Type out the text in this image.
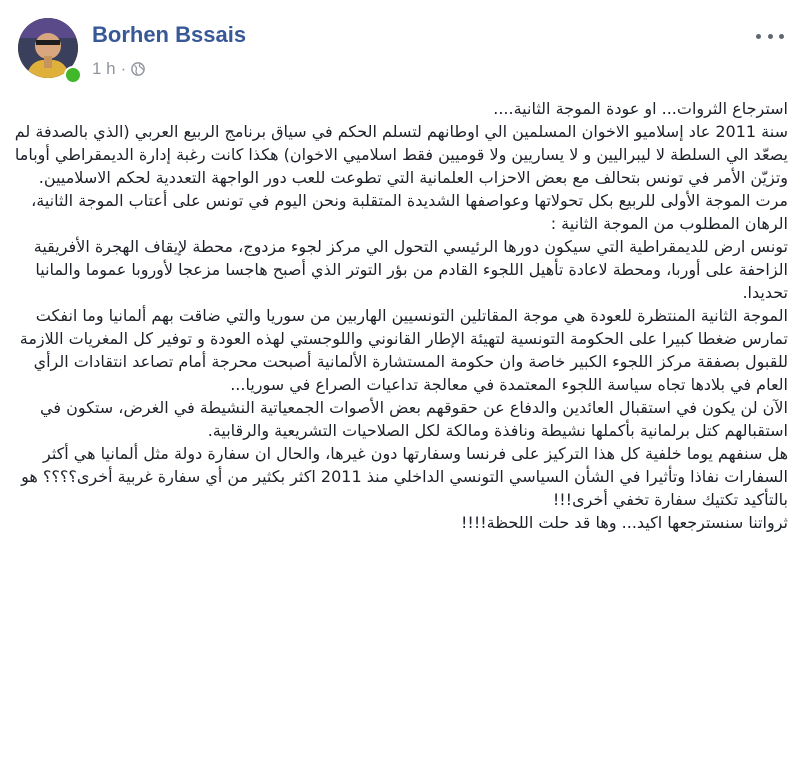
Borhen Bssais
1 h ·

استرجاع الثروات... او عودة الموجة الثانية....

سنة 2011 عاد إسلاميو الاخوان المسلمين الي اوطانهم لتسلم الحكم في سياق برنامج الربيع العربي (الذي بالصدفة لم يصعّد الي السلطة لا ليبراليين و لا يساريين ولا قوميين فقط اسلاميي الاخوان) هكذا كانت رغبة إدارة الديمقراطي أوباما وتزيّن الأمر في تونس بتحالف مع بعض الاحزاب العلمانية التي تطوعت للعب دور الواجهة التعددية لحكم الاسلاميين.

مرت الموجة الأولى للربيع بكل تحولاتها وعواصفها الشديدة المتقلبة ونحن اليوم في تونس على أعتاب الموجة الثانية،

الرهان المطلوب من الموجة الثانية :

تونس ارض للديمقراطية التي سيكون دورها الرئيسي التحول الي مركز لجوء مزدوج، محطة لإيقاف الهجرة الأفريقية الزاحفة على أوربا، ومحطة لاعادة تأهيل اللجوء القادم من بؤر التوتر الذي أصبح هاجسا مزعجا لأوروبا عموما والمانيا تحديدا.

الموجة الثانية المنتظرة للعودة هي موجة المقاتلين التونسيين الهاربين من سوريا والتي ضاقت بهم ألمانيا وما انفكت تمارس ضغطا كبيرا على الحكومة التونسية لتهيئة الإطار القانوني واللوجستي لهذه العودة و توفير كل المغريات اللازمة للقبول بصفقة مركز اللجوء الكبير خاصة وان حكومة المستشارة الألمانية أصبحت محرجة أمام تصاعد انتقادات الرأي العام في بلادها تجاه سياسة اللجوء المعتمدة في معالجة تداعيات الصراع في سوريا...

الآن لن يكون في استقبال العائدين والدفاع عن حقوقهم بعض الأصوات الجمعياتية النشيطة في الغرض، ستكون في استقبالهم كتل برلمانية بأكملها نشيطة ونافذة ومالكة لكل الصلاحيات التشريعية والرقابية.

هل سنفهم يوما خلفية كل هذا التركيز على فرنسا وسفارتها دون غيرها، والحال ان سفارة دولة مثل ألمانيا هي أكثر السفارات نفاذا وتأثيرا في الشأن السياسي التونسي الداخلي منذ 2011 اكثر بكثير من أي سفارة غربية أخرى؟؟؟؟ هو بالتأكيد تكتيك سفارة تخفي أخرى!!!

ثرواتنا سنسترجعها اكيد... وها قد حلت اللحظة!!!!
